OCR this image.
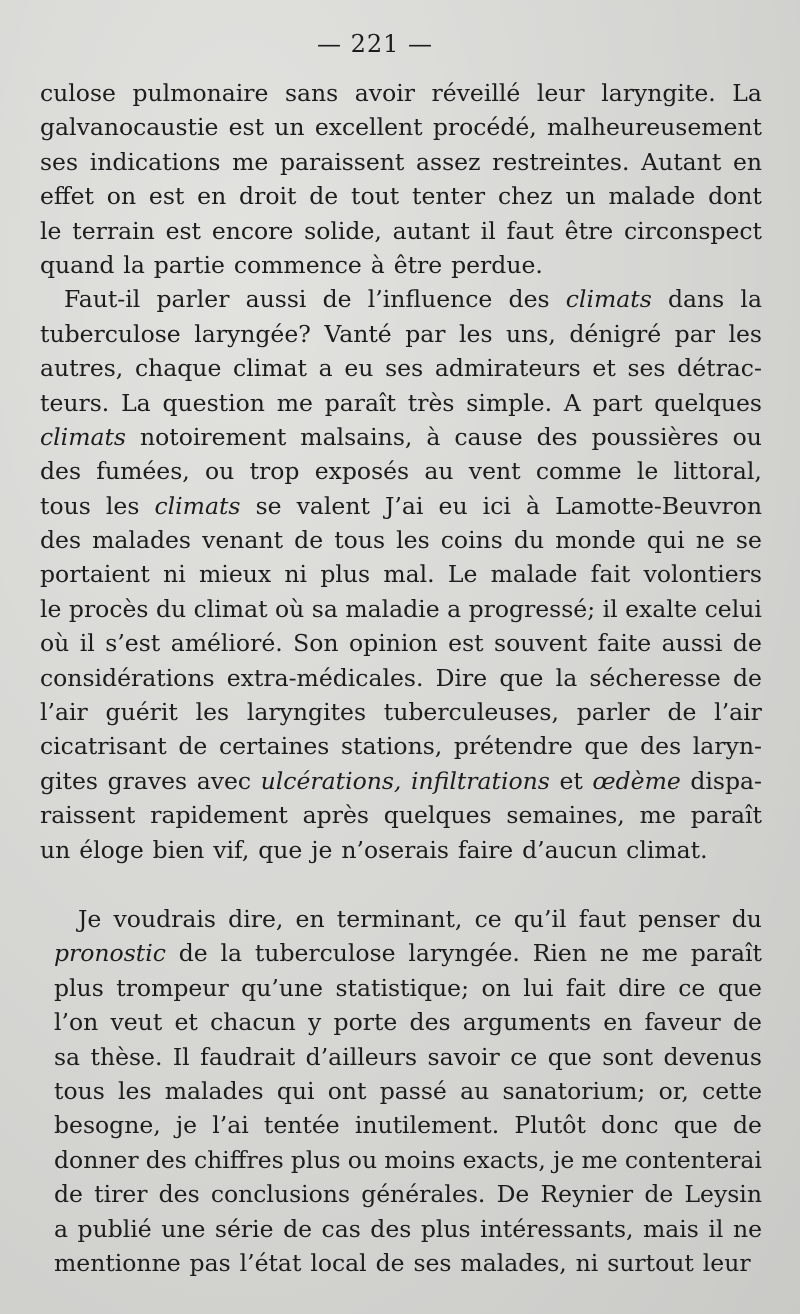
— 221 —
culose pulmonaire sans avoir réveillé leur laryngite. La
galvanocaustie est un excellent procédé, malheureusement
ses indications me paraissent assez restreintes. Autant en
effet on est en droit de tout tenter chez un malade dont
le terrain est encore solide, autant il faut être circonspect
quand la partie commence à être perdue.
Faut-il parler aussi de l’influence des climats dans la
tuberculose laryngée? Vanté par les uns, dénigré par les
autres, chaque climat a eu ses admirateurs et ses détrac-
teurs. La question me paraît très simple. A part quelques
climats notoirement malsains, à cause des poussières ou
des fumées, ou trop exposés au vent comme le littoral,
tous les climats se valent J’ai eu ici à Lamotte-Beuvron
des malades venant de tous les coins du monde qui ne se
portaient ni mieux ni plus mal. Le malade fait volontiers
le procès du climat où sa maladie a progressé; il exalte celui
où il s’est amélioré. Son opinion est souvent faite aussi de
considérations extra-médicales. Dire que la sécheresse de
l’air guérit les laryngites tuberculeuses, parler de l’air
cicatrisant de certaines stations, prétendre que des laryn-
gites graves avec ulcérations, infiltrations et œdème dispa-
raissent rapidement après quelques semaines, me paraît
un éloge bien vif, que je n’oserais faire d’aucun climat.
Je voudrais dire, en terminant, ce qu’il faut penser du
pronostic de la tuberculose laryngée. Rien ne me paraît
plus trompeur qu’une statistique; on lui fait dire ce que
l’on veut et chacun y porte des arguments en faveur de
sa thèse. Il faudrait d’ailleurs savoir ce que sont devenus
tous les malades qui ont passé au sanatorium; or, cette
besogne, je l’ai tentée inutilement. Plutôt donc que de
donner des chiffres plus ou moins exacts, je me contenterai
de tirer des conclusions générales. De Reynier de Leysin
a publié une série de cas des plus intéressants, mais il ne
mentionne pas l’état local de ses malades, ni surtout leur
